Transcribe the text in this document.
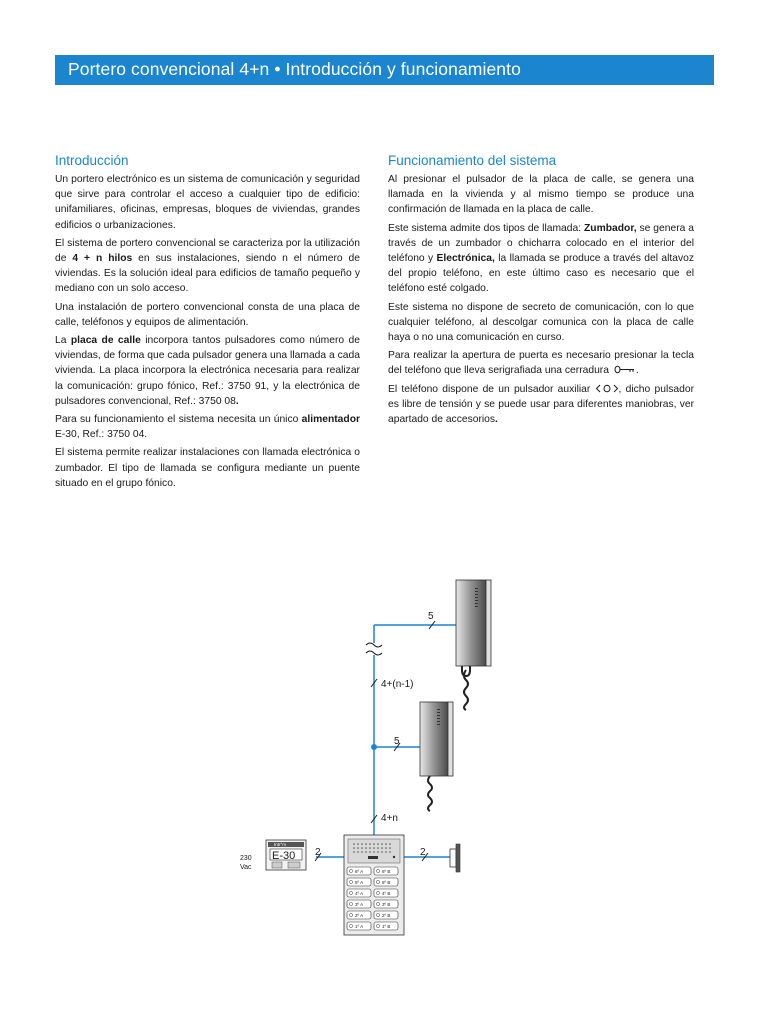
Portero convencional 4+n • Introducción y funcionamiento
Introducción

Un portero electrónico es un sistema de comunicación y seguridad que sirve para controlar el acceso a cualquier tipo de edificio: unifamiliares, oficinas, empresas, bloques de viviendas, grandes edificios o urbanizaciones.

El sistema de portero convencional se caracteriza por la utilización de 4 + n hilos en sus instalaciones, siendo n el número de viviendas. Es la solución ideal para edificios de tamaño pequeño y mediano con un solo acceso.

Una instalación de portero convencional consta de una placa de calle, teléfonos y equipos de alimentación.

La placa de calle incorpora tantos pulsadores como número de viviendas, de forma que cada pulsador genera una llamada a cada vivienda. La placa incorpora la electrónica necesaria para realizar la comunicación: grupo fónico, Ref.: 3750 91, y la electrónica de pulsadores convencional, Ref.: 3750 08.

Para su funcionamiento el sistema necesita un único alimentador E-30, Ref.: 3750 04.

El sistema permite realizar instalaciones con llamada electrónica o zumbador. El tipo de llamada se configura mediante un puente situado en el grupo fónico.

Funcionamiento del sistema

Al presionar el pulsador de la placa de calle, se genera una llamada en la vivienda y al mismo tiempo se produce una confirmación de llamada en la placa de calle.

Este sistema admite dos tipos de llamada: Zumbador, se genera a través de un zumbador o chicharra colocado en el interior del teléfono y Electrónica, la llamada se produce a través del altavoz del propio teléfono, en este último caso es necesario que el teléfono esté colgado.

Este sistema no dispone de secreto de comunicación, con lo que cualquier teléfono, al descolgar comunica con la placa de calle haya o no una comunicación en curso.

Para realizar la apertura de puerta es necesario presionar la tecla del teléfono que lleva serigrafiada una cerradura	.

El teléfono dispone de un pulsador auxiliar , dicho pulsador es libre de tensión y se puede usar para diferentes maniobras, ver apartado de accesorios.

5
4+(n-1)
5
4+n
2	2
Intr°m
E-30
230
Vac
6º A	6º B
5º A	5º B
4º A	4º B
3º A	3º B
2º A	2º B
1º A	1º B
